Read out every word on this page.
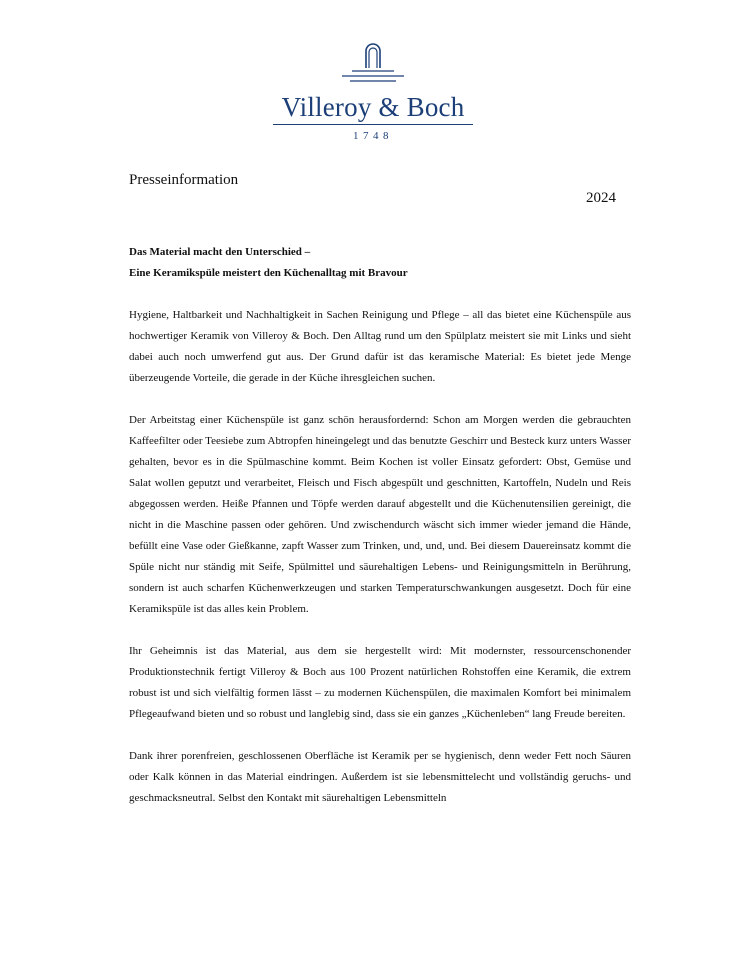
Villeroy & Boch
1748
Presseinformation
2024
Das Material macht den Unterschied –
Eine Keramikspüle meistert den Küchenalltag mit Bravour

Hygiene, Haltbarkeit und Nachhaltigkeit in Sachen Reinigung und Pflege – all das bietet eine Küchenspüle aus hochwertiger Keramik von Villeroy & Boch. Den Alltag rund um den Spülplatz meistert sie mit Links und sieht dabei auch noch umwerfend gut aus. Der Grund dafür ist das keramische Material: Es bietet jede Menge überzeugende Vorteile, die gerade in der Küche ihresgleichen suchen.

Der Arbeitstag einer Küchenspüle ist ganz schön herausfordernd: Schon am Morgen werden die gebrauchten Kaffeefilter oder Teesiebe zum Abtropfen hineingelegt und das benutzte Geschirr und Besteck kurz unters Wasser gehalten, bevor es in die Spülmaschine kommt. Beim Kochen ist voller Einsatz gefordert: Obst, Gemüse und Salat wollen geputzt und verarbeitet, Fleisch und Fisch abgespült und geschnitten, Kartoffeln, Nudeln und Reis abgegossen werden. Heiße Pfannen und Töpfe werden darauf abgestellt und die Küchenutensilien gereinigt, die nicht in die Maschine passen oder gehören. Und zwischendurch wäscht sich immer wieder jemand die Hände, befüllt eine Vase oder Gießkanne, zapft Wasser zum Trinken, und, und, und. Bei diesem Dauereinsatz kommt die Spüle nicht nur ständig mit Seife, Spülmittel und säurehaltigen Lebens- und Reinigungsmitteln in Berührung, sondern ist auch scharfen Küchenwerkzeugen und starken Temperaturschwankungen ausgesetzt. Doch für eine Keramikspüle ist das alles kein Problem.

Ihr Geheimnis ist das Material, aus dem sie hergestellt wird: Mit modernster, ressourcenschonender Produktionstechnik fertigt Villeroy & Boch aus 100 Prozent natürlichen Rohstoffen eine Keramik, die extrem robust ist und sich vielfältig formen lässt – zu modernen Küchenspülen, die maximalen Komfort bei minimalem Pflegeaufwand bieten und so robust und langlebig sind, dass sie ein ganzes „Küchenleben“ lang Freude bereiten.

Dank ihrer porenfreien, geschlossenen Oberfläche ist Keramik per se hygienisch, denn weder Fett noch Säuren oder Kalk können in das Material eindringen. Außerdem ist sie lebensmittelecht und vollständig geruchs- und geschmacksneutral. Selbst den Kontakt mit säurehaltigen Lebensmitteln
